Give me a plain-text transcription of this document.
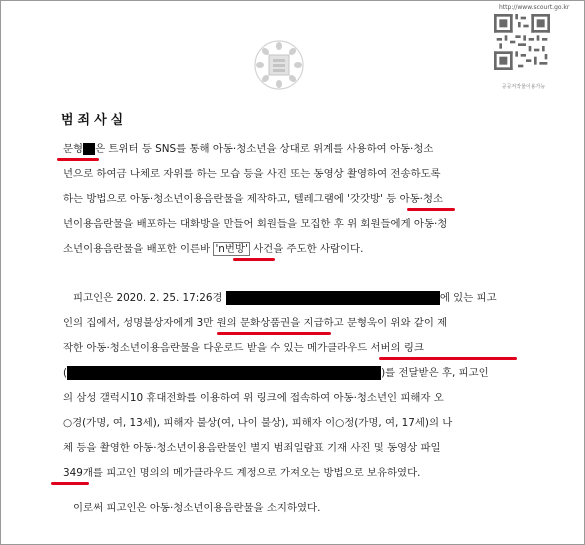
http://www.scourt.go.kr
공공저작물이용가능
범죄사실
문형 은 트위터 등 SNS를 통해 아동·청소년을 상대로 위계를 사용하여 아동·청소
년으로 하여금 나체로 자위를 하는 모습 등을 사진 또는 동영상 촬영하여 전송하도록
하는 방법으로 아동·청소년이용음란물을 제작하고, 텔레그램에 '갓갓방' 등 아동·청소
년이용음란물을 배포하는 대화방을 만들어 회원들을 모집한 후 위 회원들에게 아동·청
소년이용음란물을 배포한 이른바 'n번방' 사건을 주도한 사람이다.
피고인은 2020. 2. 25. 17:26경	에 있는 피고
인의 집에서, 성명불상자에게 3만 원의 문화상품권을 지급하고 문형욱이 위와 같이 제
작한 아동·청소년이용음란물을 다운로드 받을 수 있는 메가클라우드 서버의 링크
(	)를 전달받은 후, 피고인
의 삼성 갤럭시10 휴대전화를 이용하여 위 링크에 접속하여 아동·청소년인 피해자 오
○경(가명, 여, 13세), 피해자 불상(여, 나이 불상), 피해자 이○정(가명, 여, 17세)의 나
체 등을 촬영한 아동·청소년이용음란물인 별지 범죄일람표 기재 사진 및 동영상 파일
349개를 피고인 명의의 메가클라우드 계정으로 가져오는 방법으로 보유하였다.
이로써 피고인은 아동·청소년이용음란물을 소지하였다.
